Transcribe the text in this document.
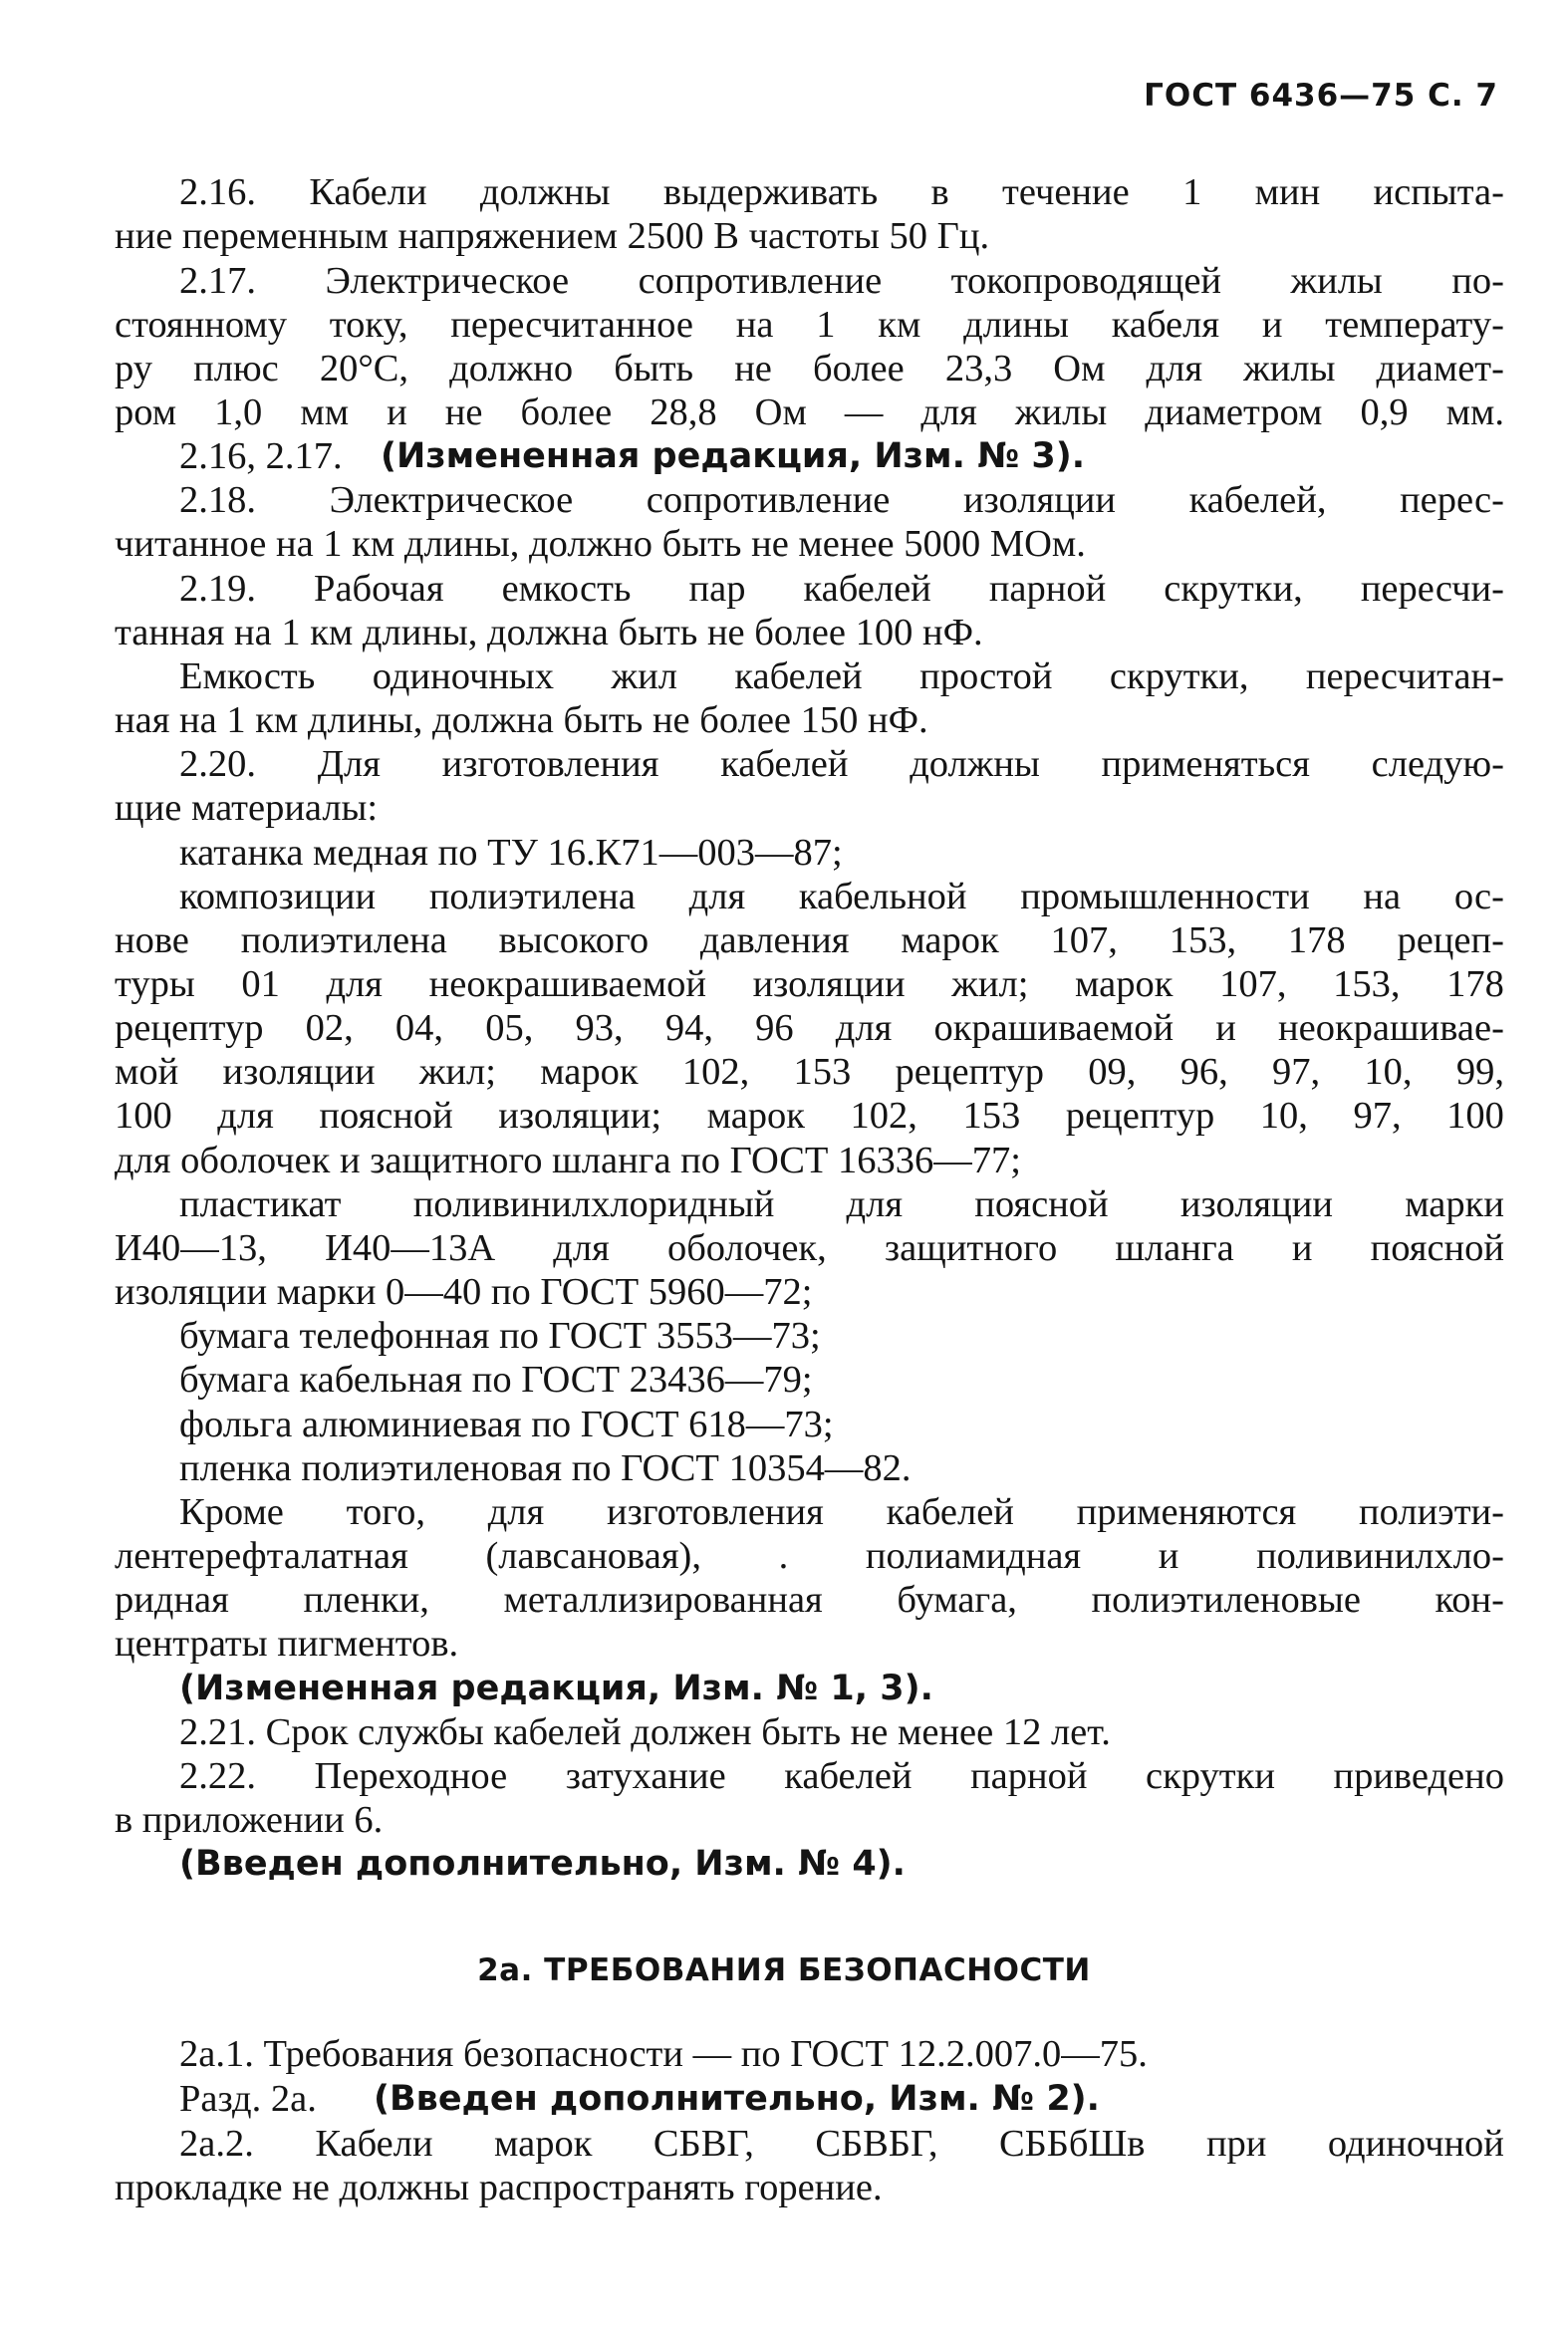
ГОСТ 6436—75 С. 7
2.16. Кабели должны выдерживать в течение 1 мин испыта-
ние переменным напряжением 2500 В частоты 50 Гц.
2.17. Электрическое сопротивление токопроводящей жилы по-
стоянному току, пересчитанное на 1 км длины кабеля и температу-
ру плюс 20°С, должно быть не более 23,3 Ом для жилы диамет-
ром 1,0 мм и не более 28,8 Ом — для жилы диаметром 0,9 мм.
2.16, 2.17. (Измененная редакция, Изм. № 3).
2.18. Электрическое сопротивление изоляции кабелей, перес-
читанное на 1 км длины, должно быть не менее 5000 МОм.
2.19. Рабочая емкость пар кабелей парной скрутки, пересчи-
танная на 1 км длины, должна быть не более 100 нФ.
Емкость одиночных жил кабелей простой скрутки, пересчитан-
ная на 1 км длины, должна быть не более 150 нФ.
2.20. Для изготовления кабелей должны применяться следую-
щие материалы:
катанка медная по ТУ 16.К71—003—87;
композиции полиэтилена для кабельной промышленности на ос-
нове полиэтилена высокого давления марок 107, 153, 178 рецеп-
туры 01 для неокрашиваемой изоляции жил; марок 107, 153, 178
рецептур 02, 04, 05, 93, 94, 96 для окрашиваемой и неокрашивае-
мой изоляции жил; марок 102, 153 рецептур 09, 96, 97, 10, 99,
100 для поясной изоляции; марок 102, 153 рецептур 10, 97, 100
для оболочек и защитного шланга по ГОСТ 16336—77;
пластикат поливинилхлоридный для поясной изоляции марки
И40—13, И40—13А для оболочек, защитного шланга и поясной
изоляции марки 0—40 по ГОСТ 5960—72;
бумага телефонная по ГОСТ 3553—73;
бумага кабельная по ГОСТ 23436—79;
фольга алюминиевая по ГОСТ 618—73;
пленка полиэтиленовая по ГОСТ 10354—82.
Кроме того, для изготовления кабелей применяются полиэти-
лентерефталатная (лавсановая), . полиамидная и поливинилхло-
ридная пленки, металлизированная бумага, полиэтиленовые кон-
центраты пигментов.
(Измененная редакция, Изм. № 1, 3).
2.21. Срок службы кабелей должен быть не менее 12 лет.
2.22. Переходное затухание кабелей парной скрутки приведено
в приложении 6.
(Введен дополнительно, Изм. № 4).
2а. ТРЕБОВАНИЯ БЕЗОПАСНОСТИ
2а.1. Требования безопасности — по ГОСТ 12.2.007.0—75.
Разд. 2а. (Введен дополнительно, Изм. № 2).
2а.2. Кабели марок СБВГ, СБВБГ, СББбШв при одиночной
прокладке не должны распространять горение.
